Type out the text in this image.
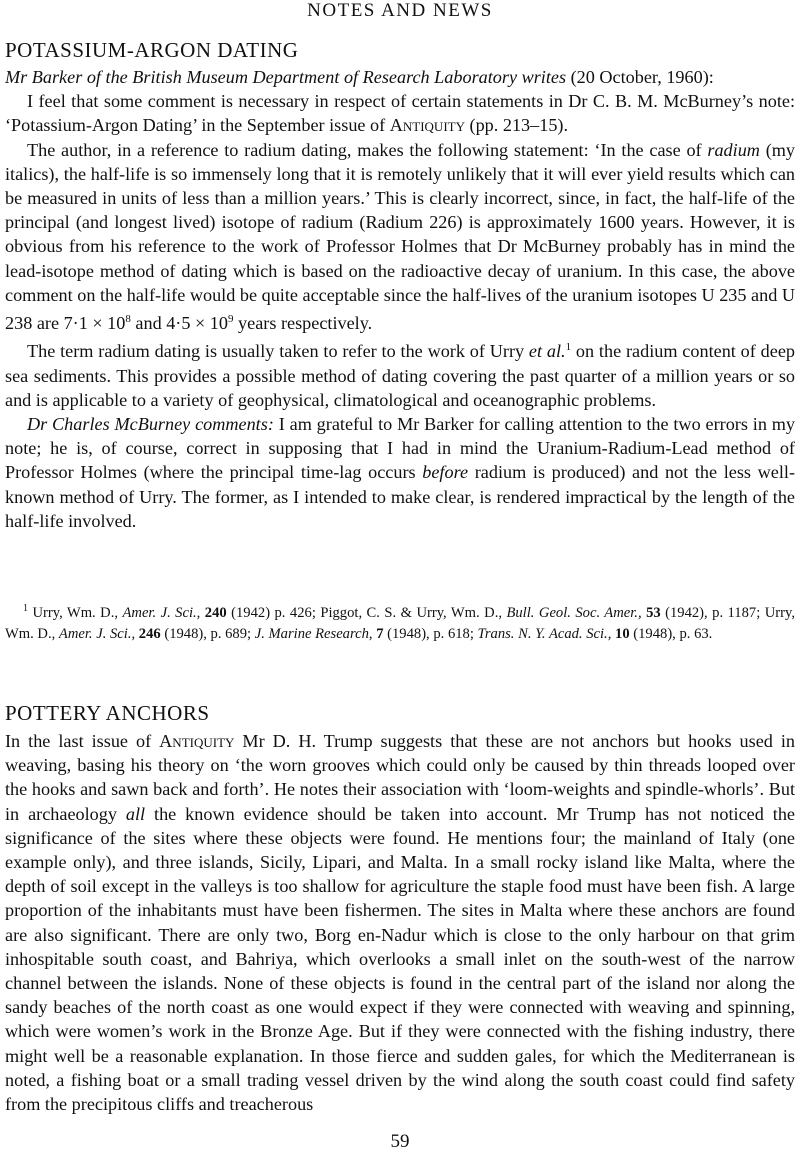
NOTES AND NEWS
POTASSIUM-ARGON DATING

Mr Barker of the British Museum Department of Research Laboratory writes (20 October, 1960):

I feel that some comment is necessary in respect of certain statements in Dr C. B. M. McBurney’s note: ‘Potassium-Argon Dating’ in the September issue of Antiquity (pp. 213–15).

The author, in a reference to radium dating, makes the following statement: ‘In the case of radium (my italics), the half-life is so immensely long that it is remotely unlikely that it will ever yield results which can be measured in units of less than a million years.’ This is clearly incorrect, since, in fact, the half-life of the principal (and longest lived) isotope of radium (Radium 226) is approximately 1600 years. However, it is obvious from his reference to the work of Professor Holmes that Dr McBurney probably has in mind the lead-isotope method of dating which is based on the radioactive decay of uranium. In this case, the above comment on the half-life would be quite acceptable since the half-lives of the uranium isotopes U 235 and U 238 are $7\cdot 1 \times 10^8$ and $4\cdot 5 \times 10^9$ years respectively.

The term radium dating is usually taken to refer to the work of Urry et al.$^1$ on the radium content of deep sea sediments. This provides a possible method of dating covering the past quarter of a million years or so and is applicable to a variety of geophysical, climatological and oceanographic problems.

Dr Charles McBurney comments: I am grateful to Mr Barker for calling attention to the two errors in my note; he is, of course, correct in supposing that I had in mind the Uranium-Radium-Lead method of Professor Holmes (where the principal time-lag occurs before radium is produced) and not the less well-known method of Urry. The former, as I intended to make clear, is rendered impractical by the length of the half-life involved.

$^1$ Urry, Wm. D., Amer. J. Sci., 240 (1942) p. 426; Piggot, C. S. & Urry, Wm. D., Bull. Geol. Soc. Amer., 53 (1942), p. 1187; Urry, Wm. D., Amer. J. Sci., 246 (1948), p. 689; J. Marine Research, 7 (1948), p. 618; Trans. N. Y. Acad. Sci., 10 (1948), p. 63.
POTTERY ANCHORS

In the last issue of Antiquity Mr D. H. Trump suggests that these are not anchors but hooks used in weaving, basing his theory on ‘the worn grooves which could only be caused by thin threads looped over the hooks and sawn back and forth’. He notes their association with ‘loom-weights and spindle-whorls’. But in archaeology all the known evidence should be taken into account. Mr Trump has not noticed the significance of the sites where these objects were found. He mentions four; the mainland of Italy (one example only), and three islands, Sicily, Lipari, and Malta. In a small rocky island like Malta, where the depth of soil except in the valleys is too shallow for agriculture the staple food must have been fish. A large proportion of the inhabitants must have been fishermen. The sites in Malta where these anchors are found are also significant. There are only two, Borg en-Nadur which is close to the only harbour on that grim inhospitable south coast, and Bahriya, which overlooks a small inlet on the south-west of the narrow channel between the islands. None of these objects is found in the central part of the island nor along the sandy beaches of the north coast as one would expect if they were connected with weaving and spinning, which were women’s work in the Bronze Age. But if they were connected with the fishing industry, there might well be a reasonable explanation. In those fierce and sudden gales, for which the Mediterranean is noted, a fishing boat or a small trading vessel driven by the wind along the south coast could find safety from the precipitous cliffs and treacherous

59
